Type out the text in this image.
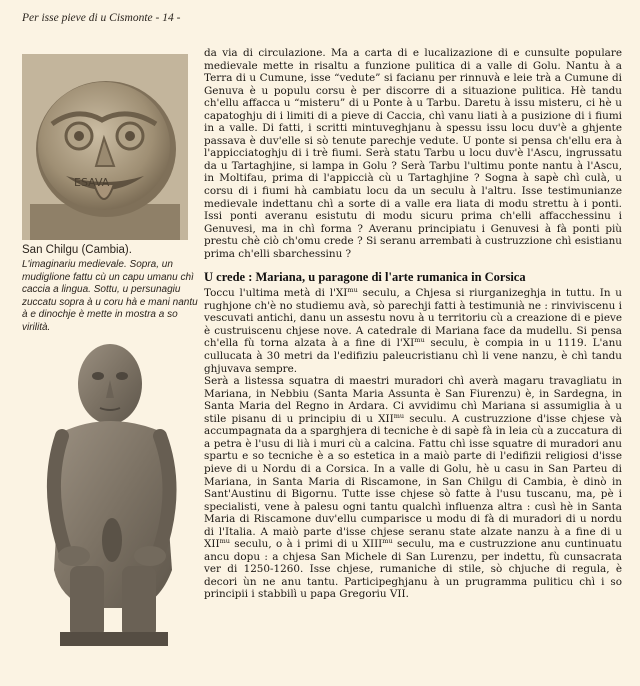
Per isse pieve di u Cismonte - 14 -
ESAVA
San Chilgu (Cambia).
L'imaginariu medievale. Sopra, un mudiglione fattu cù un capu umanu chì caccia a lingua. Sottu, u persunagiu zuccatu sopra à u coru hà e mani nantu à e dinochje è mette in mostra a so virilità.

da via di circulazione. Ma a carta di e lucalizazione di e cunsulte populare medievale mette in risaltu a funzione pulitica di a valle di Golu. Nantu à a Terra di u Cumune, isse “vedute” si facianu per rinnuvà e leie trà a Cumune di Genuva è u populu corsu è per discorre di a situazione pulitica. Hè tandu ch'ellu affacca u “misteru” di u Ponte à u Tarbu. Daretu à issu misteru, ci hè u capatoghju di i limiti di a pieve di Caccia, chì vanu liati à a pusizione di i fiumi in a valle. Di fatti, i scritti mintuveghjanu à spessu issu locu duv'è a ghjente passava è duv'elle si sò tenute parechje vedute. U ponte si pensa ch'ellu era à l'appicciatoghju di i trè fiumi. Serà statu Tarbu u locu duv'è l'Ascu, ingrussatu da u Tartaghjine, si lampa in Golu ? Serà Tarbu l'ultimu ponte nantu à l'Ascu, in Moltifau, prima di l'appiccià cù u Tartaghjine ? Sogna à sapè chì culà, u corsu di i fiumi hà cambiatu locu da un seculu à l'altru. Isse testimunianze medievale indettanu chì a sorte di a valle era liata di modu strettu à i ponti. Issi ponti averanu esistutu di modu sicuru prima ch'elli affacchessinu i Genuvesi, ma in chì forma ? Averanu principiatu i Genuvesi à fà ponti più prestu chè ciò ch'omu crede ? Si seranu arrembati à custruzzione chì esistianu prima ch'elli sbarchessinu ?

U crede : Mariana, u paragone di l'arte rumanica in Corsica

Toccu l'ultima metà di $l'XI^{mu}$ seculu, a Chjesa si riurganizeghja in tuttu. In u rughjone ch'è no studiemu avà, sò parechji fatti à testimunià ne : rinviviscenu i vescuvati antichi, danu un assestu novu à u territoriu cù a creazione di e pieve è custruiscenu chjese nove. A catedrale di Mariana face da mudellu. Si pensa ch'ella fù torna alzata à a fine di $l'XI^{mu}$ seculu, è compia in u 1119. L'anu cullucata à 30 metri da l'edifiziu paleucristianu chì li vene nanzu, è chì tandu ghjuvava sempre.

Serà a listessa squatra di maestri muradori chì averà magaru travagliatu in Mariana, in Nebbiu (Santa Maria Assunta è San Fiurenzu) è, in Sardegna, in Santa Maria del Regno in Ardara. Ci avvidimu chì Mariana si assumiglia à u stile pisanu di u principiu di u $XII^{mu}$ seculu. A custruzzione d'isse chjese và accumpagnata da a sparghjera di tecniche è di sapè fà in leia cù a zuccatura di a petra è l'usu di lià i muri cù a calcina. Fattu chì isse squatre di muradori anu spartu e so tecniche è a so estetica in a maiò parte di l'edifizii religiosi d'isse pieve di u Nordu di a Corsica. In a valle di Golu, hè u casu in San Parteu di Mariana, in Santa Maria di Riscamone, in San Chilgu di Cambia, è dinò in Sant'Austinu di Bigornu. Tutte isse chjese sò fatte à l'usu tuscanu, ma, pè i specialisti, vene à palesu ogni tantu qualchì influenza altra : cusì hè in Santa Maria di Riscamone duv'ellu cumparisce u modu di fà di muradori di u nordu di l'Italia. A maiò parte d'isse chjese seranu state alzate nanzu à a fine di u $XII^{mu}$ seculu, o à i primi di u $XIII^{mu}$ seculu, ma e custruzzione anu cuntinuatu ancu dopu : a chjesa San Michele di San Lurenzu, per indettu, fù cunsacrata ver di 1250-1260. Isse chjese, rumaniche di stile, sò chjuche di regula, è decori ùn ne anu tantu. Participeghjanu à un prugramma puliticu chì i so principii i stabbilì u papa Gregoriu VII.
